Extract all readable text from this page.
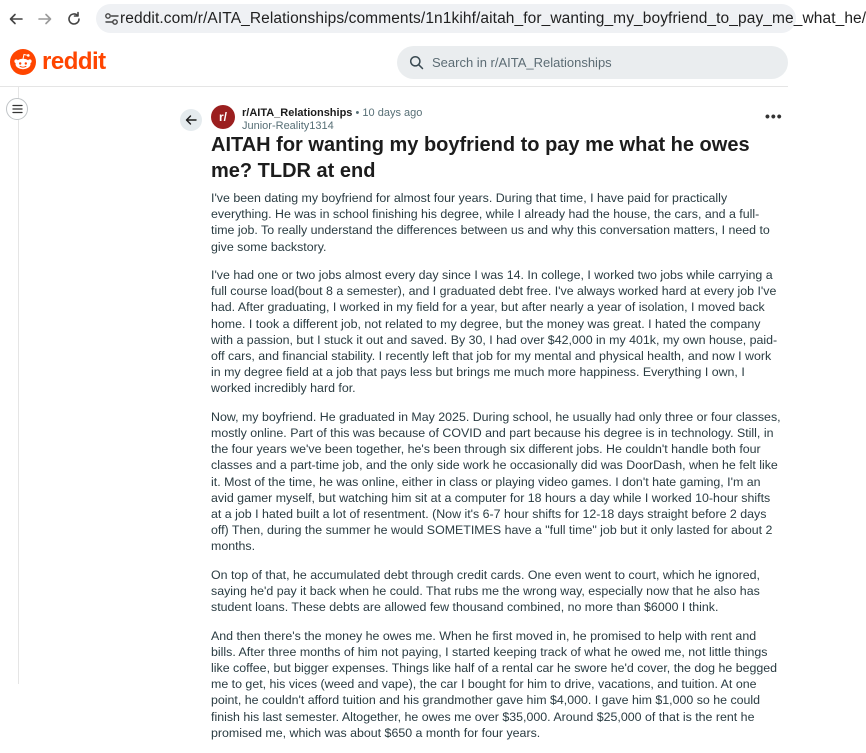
reddit.com/r/AITA_Relationships/comments/1n1kihf/aitah_for_wanting_my_boyfriend_to_pay_me_what_he/
reddit	Search in r/AITA_Relationships
r/	r/AITA_Relationships • 10 days ago
Junior-Reality1314
•••
AITAH for wanting my boyfriend to pay me what he owes me? TLDR at end

I've been dating my boyfriend for almost four years. During that time, I have paid for practically everything. He was in school finishing his degree, while I already had the house, the cars, and a full-time job. To really understand the differences between us and why this conversation matters, I need to give some backstory.

I've had one or two jobs almost every day since I was 14. In college, I worked two jobs while carrying a full course load(bout 8 a semester), and I graduated debt free. I've always worked hard at every job I've had. After graduating, I worked in my field for a year, but after nearly a year of isolation, I moved back home. I took a different job, not related to my degree, but the money was great. I hated the company with a passion, but I stuck it out and saved. By 30, I had over $42,000 in my 401k, my own house, paid-off cars, and financial stability. I recently left that job for my mental and physical health, and now I work in my degree field at a job that pays less but brings me much more happiness. Everything I own, I worked incredibly hard for.

Now, my boyfriend. He graduated in May 2025. During school, he usually had only three or four classes, mostly online. Part of this was because of COVID and part because his degree is in technology. Still, in the four years we've been together, he's been through six different jobs. He couldn't handle both four classes and a part-time job, and the only side work he occasionally did was DoorDash, when he felt like it. Most of the time, he was online, either in class or playing video games. I don't hate gaming, I'm an avid gamer myself, but watching him sit at a computer for 18 hours a day while I worked 10-hour shifts at a job I hated built a lot of resentment. (Now it's 6-7 hour shifts for 12-18 days straight before 2 days off) Then, during the summer he would SOMETIMES have a "full time" job but it only lasted for about 2 months.

On top of that, he accumulated debt through credit cards. One even went to court, which he ignored, saying he'd pay it back when he could. That rubs me the wrong way, especially now that he also has student loans. These debts are allowed few thousand combined, no more than $6000 I think.

And then there's the money he owes me. When he first moved in, he promised to help with rent and bills. After three months of him not paying, I started keeping track of what he owed me, not little things like coffee, but bigger expenses. Things like half of a rental car he swore he'd cover, the dog he begged me to get, his vices (weed and vape), the car I bought for him to drive, vacations, and tuition. At one point, he couldn't afford tuition and his grandmother gave him $4,000. I gave him $1,000 so he could finish his last semester. Altogether, he owes me over $35,000. Around $25,000 of that is the rent he promised me, which was about $650 a month for four years.
